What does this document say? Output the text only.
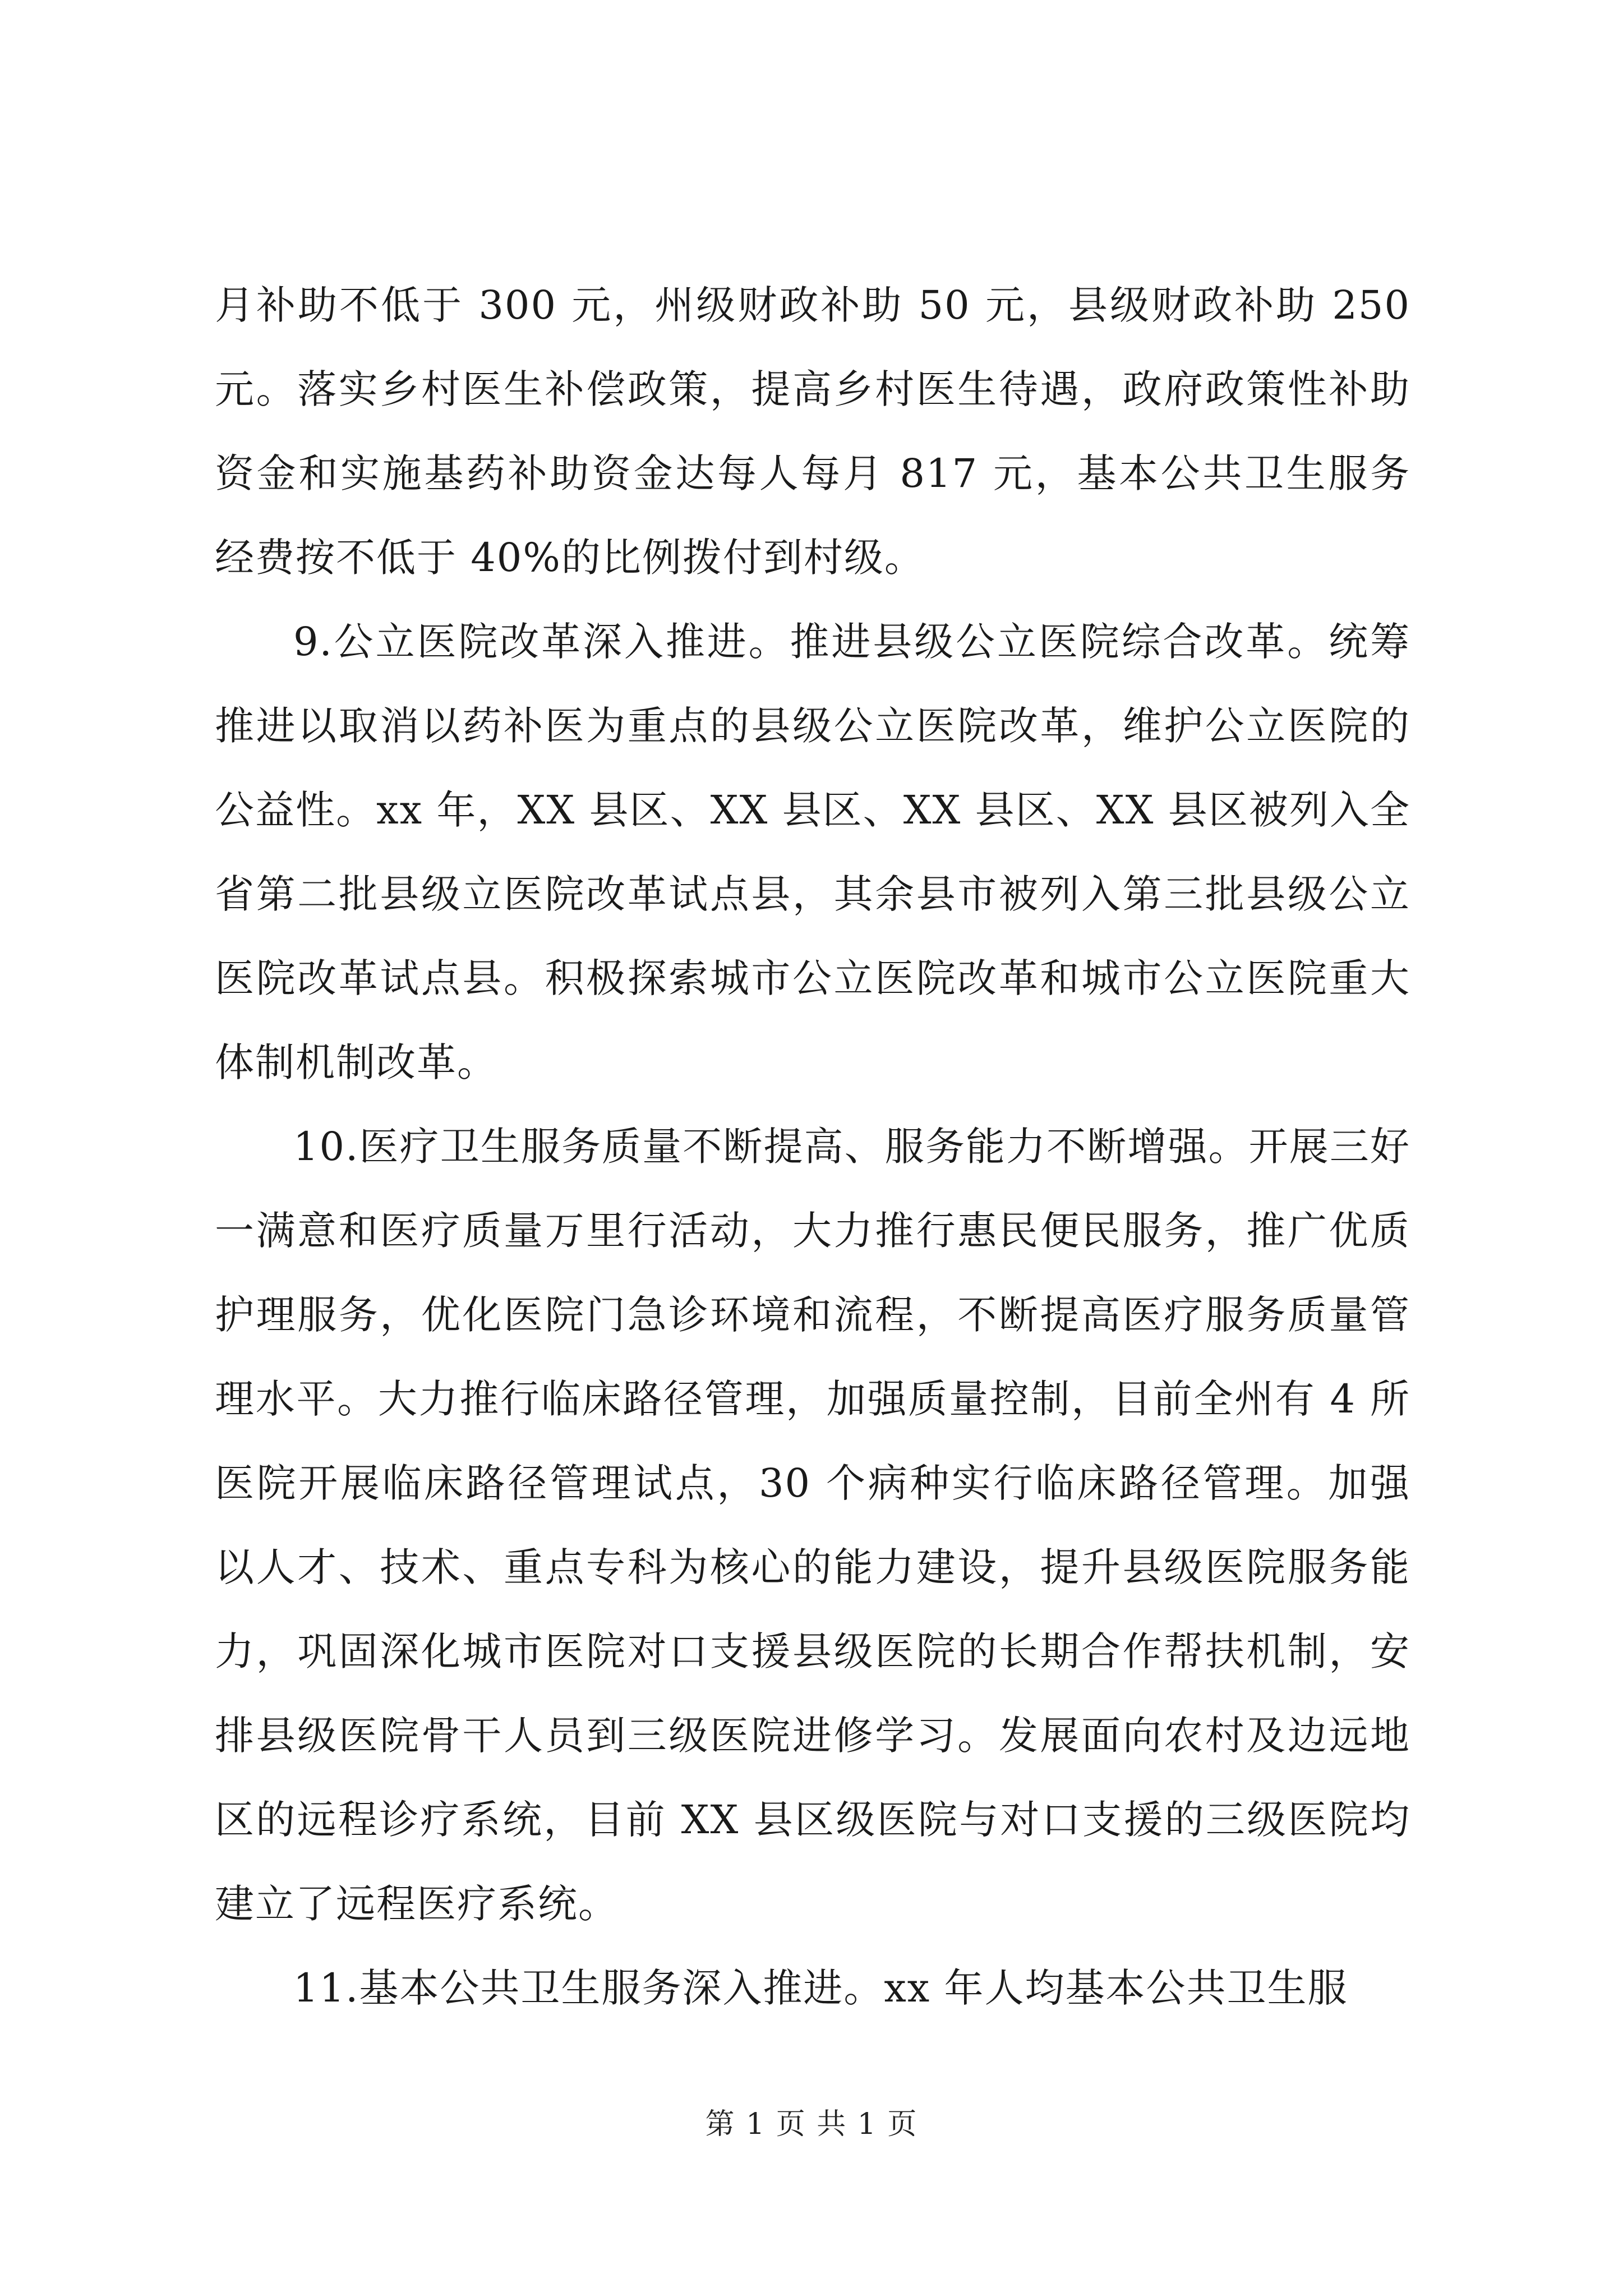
月补助不低于 300 元，州级财政补助 50 元，县级财政补助 250 元。落实乡村医生补偿政策，提高乡村医生待遇，政府政策性补助资金和实施基药补助资金达每人每月 817 元，基本公共卫生服务经费按不低于 40%的比例拨付到村级。

9.公立医院改革深入推进。推进县级公立医院综合改革。统筹推进以取消以药补医为重点的县级公立医院改革，维护公立医院的公益性。xx 年，XX 县区、XX 县区、XX 县区、XX 县区被列入全省第二批县级立医院改革试点县，其余县市被列入第三批县级公立医院改革试点县。积极探索城市公立医院改革和城市公立医院重大体制机制改革。

10.医疗卫生服务质量不断提高、服务能力不断增强。开展三好一满意和医疗质量万里行活动，大力推行惠民便民服务，推广优质护理服务，优化医院门急诊环境和流程，不断提高医疗服务质量管理水平。大力推行临床路径管理，加强质量控制，目前全州有 4 所医院开展临床路径管理试点，30 个病种实行临床路径管理。加强以人才、技术、重点专科为核心的能力建设，提升县级医院服务能力，巩固深化城市医院对口支援县级医院的长期合作帮扶机制，安排县级医院骨干人员到三级医院进修学习。发展面向农村及边远地区的远程诊疗系统，目前 XX 县区级医院与对口支援的三级医院均建立了远程医疗系统。

11.基本公共卫生服务深入推进。xx 年人均基本公共卫生服

第 1 页 共 1 页
